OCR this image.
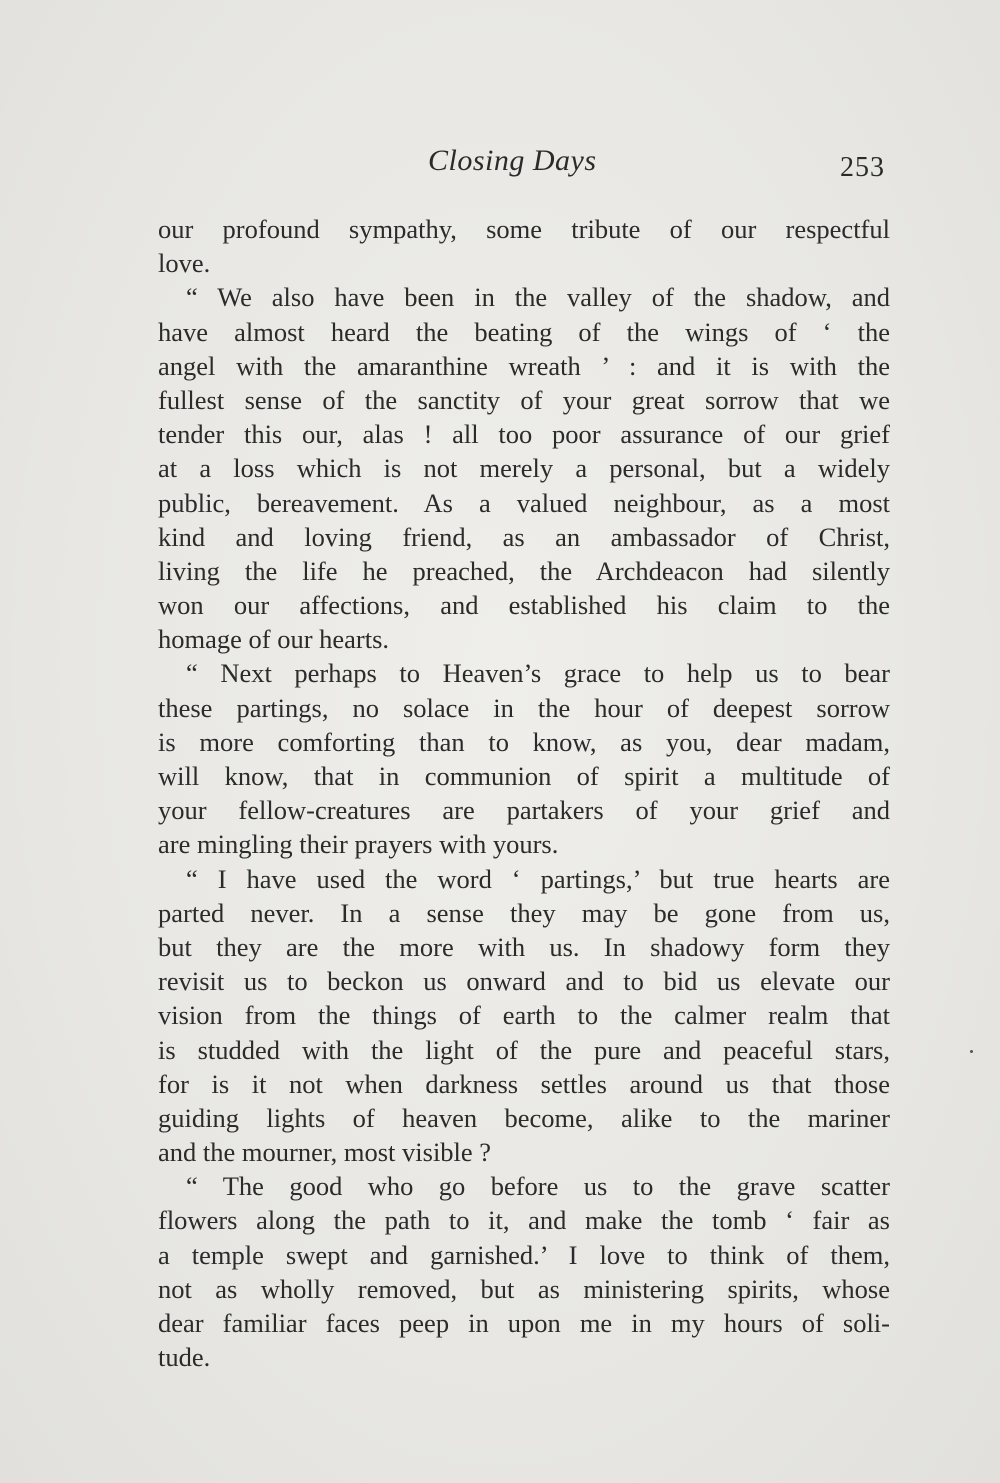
Closing Days	253
our profound sympathy, some tribute of our respectful
love.
“ We also have been in the valley of the shadow, and
have almost heard the beating of the wings of ‘ the
angel with the amaranthine wreath ’ : and it is with the
fullest sense of the sanctity of your great sorrow that we
tender this our, alas ! all too poor assurance of our grief
at a loss which is not merely a personal, but a widely
public, bereavement. As a valued neighbour, as a most
kind and loving friend, as an ambassador of Christ,
living the life he preached, the Archdeacon had silently
won our affections, and established his claim to the
homage of our hearts.
“ Next perhaps to Heaven’s grace to help us to bear
these partings, no solace in the hour of deepest sorrow
is more comforting than to know, as you, dear madam,
will know, that in communion of spirit a multitude of
your fellow-creatures are partakers of your grief and
are mingling their prayers with yours.
“ I have used the word ‘ partings,’ but true hearts are
parted never. In a sense they may be gone from us,
but they are the more with us. In shadowy form they
revisit us to beckon us onward and to bid us elevate our
vision from the things of earth to the calmer realm that
is studded with the light of the pure and peaceful stars,
for is it not when darkness settles around us that those
guiding lights of heaven become, alike to the mariner
and the mourner, most visible ?
“ The good who go before us to the grave scatter
flowers along the path to it, and make the tomb ‘ fair as
a temple swept and garnished.’ I love to think of them,
not as wholly removed, but as ministering spirits, whose
dear familiar faces peep in upon me in my hours of soli-
tude.
